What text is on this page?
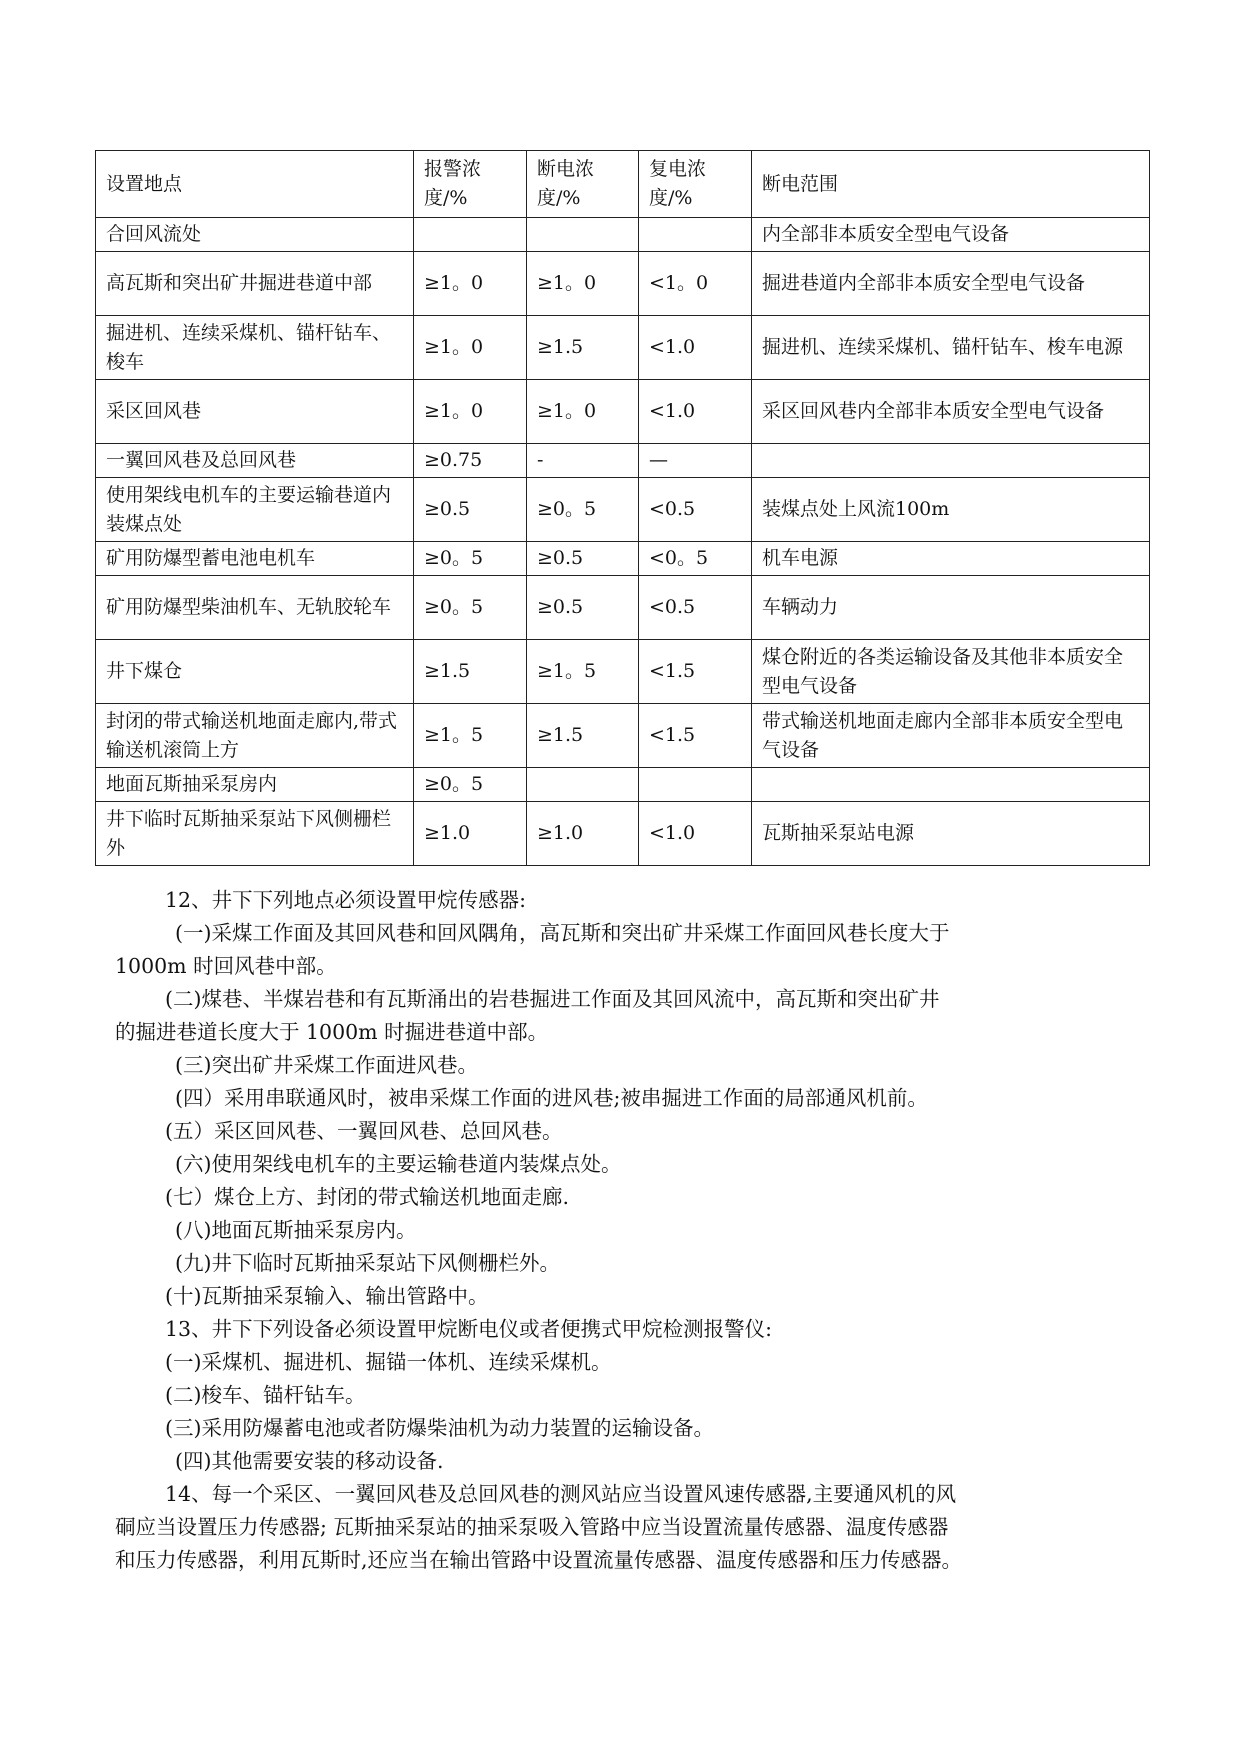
设置地点	报警浓度/%	断电浓度/%	复电浓度/%	断电范围
合回风流处				内全部非本质安全型电气设备
高瓦斯和突出矿井掘进巷道中部	≥1。0	≥1。0	<1。0	掘进巷道内全部非本质安全型电气设备
掘进机、连续采煤机、锚杆钻车、梭车	≥1。0	≥1.5	<1.0	掘进机、连续采煤机、锚杆钻车、梭车电源
采区回风巷	≥1。0	≥1。0	<1.0	采区回风巷内全部非本质安全型电气设备
一翼回风巷及总回风巷	≥0.75	-	—	
使用架线电机车的主要运输巷道内装煤点处	≥0.5	≥0。5	<0.5	装煤点处上风流100m
矿用防爆型蓄电池电机车	≥0。5	≥0.5	<0。5	机车电源
矿用防爆型柴油机车、无轨胶轮车	≥0。5	≥0.5	<0.5	车辆动力
井下煤仓	≥1.5	≥1。5	<1.5	煤仓附近的各类运输设备及其他非本质安全型电气设备
封闭的带式输送机地面走廊内,带式输送机滚筒上方	≥1。5	≥1.5	<1.5	带式输送机地面走廊内全部非本质安全型电气设备
地面瓦斯抽采泵房内	≥0。5			
井下临时瓦斯抽采泵站下风侧栅栏外	≥1.0	≥1.0	<1.0	瓦斯抽采泵站电源

12、井下下列地点必须设置甲烷传感器:

(一)采煤工作面及其回风巷和回风隅角，高瓦斯和突出矿井采煤工作面回风巷长度大于

1000m 时回风巷中部。

(二)煤巷、半煤岩巷和有瓦斯涌出的岩巷掘进工作面及其回风流中，高瓦斯和突出矿井

的掘进巷道长度大于 1000m 时掘进巷道中部。

(三)突出矿井采煤工作面进风巷。

(四）采用串联通风时，被串采煤工作面的进风巷;被串掘进工作面的局部通风机前。

(五）采区回风巷、一翼回风巷、总回风巷。

(六)使用架线电机车的主要运输巷道内装煤点处。

(七）煤仓上方、封闭的带式输送机地面走廊.

(八)地面瓦斯抽采泵房内。

(九)井下临时瓦斯抽采泵站下风侧栅栏外。

(十)瓦斯抽采泵输入、输出管路中。

13、井下下列设备必须设置甲烷断电仪或者便携式甲烷检测报警仪:

(一)采煤机、掘进机、掘锚一体机、连续采煤机。

(二)梭车、锚杆钻车。

(三)采用防爆蓄电池或者防爆柴油机为动力装置的运输设备。

(四)其他需要安装的移动设备.

14、每一个采区、一翼回风巷及总回风巷的测风站应当设置风速传感器,主要通风机的风

硐应当设置压力传感器; 瓦斯抽采泵站的抽采泵吸入管路中应当设置流量传感器、温度传感器

和压力传感器，利用瓦斯时,还应当在输出管路中设置流量传感器、温度传感器和压力传感器。
